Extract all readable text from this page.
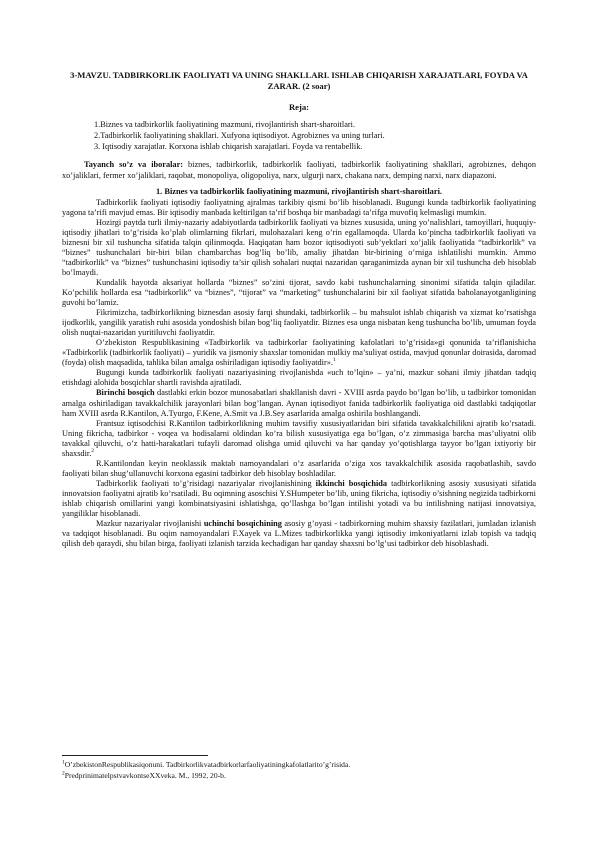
3-MAVZU. TADBIRKORLIK FAOLIYATI VA UNING SHAKLLARI. ISHLAB CHIQARISH XARAJATLARI, FOYDA VA ZARAR. (2 soar)
Reja:
1.Biznes va tadbirkorlik faoliyatining mazmuni, rivojlantirish shart-sharoitlari.
2.Tadbirkorlik faoliyatining shakllari. Xufyona iqtisodiyot. Agrobiznes va uning turlari.
3. Iqtisodiy xarajatlar. Korxona ishlab chiqarish xarajatlari. Foyda va rentabellik.
Tayanch so’z va iboralar: biznes, tadbirkorlik, tadbirkorlik faoliyati, tadbirkorlik faoliyatining shakllari, agrobiznes, dehqon xo’jaliklari, fermer xo’jaliklari, raqobat, monopoliya, oligopoliya, narx, ulgurji narx, chakana narx, demping narxi, narx diapazoni.
1. Biznes va tadbirkorlik faoliyatining mazmuni, rivojlantirish shart-sharoitlari.

Tadbirkorlik faoliyati iqtisodiy faoliyatning ajralmas tarkibiy qismi bo’lib hisoblanadi. Bugungi kunda tadbirkorlik faoliyatining yagona ta’rifi mavjud emas. Bir iqtisodiy manbada keltirilgan ta’rif boshqa bir manbadagi ta’rifga muvofiq kelmasligi mumkin.

Hozirgi paytda turli ilmiy-nazariy adabiyotlarda tadbirkorlik faoliyati va biznes xususida, uning yo’nalishlari, tamoyillari, huquqiy-iqtisodiy jihatlari to’g’risida ko’plab olimlarning fikrlari, mulohazalari keng o’rin egallamoqda. Ularda ko’pincha tadbirkorlik faoliyati va biznesni bir xil tushuncha sifatida talqin qilinmoqda. Haqiqatan ham bozor iqtisodiyoti sub’yektlari xo’jalik faoliyatida “tadbirkorlik” va “biznes” tushunchalari bir-biri bilan chambarchas bog’liq bo’lib, amaliy jihatdan bir-birining o’rniga ishlatilishi mumkin. Ammo “tadbirkorlik” va “biznes” tushunchasini iqtisodiy ta’sir qilish sohalari nuqtai nazaridan qaraganimizda aynan bir xil tushuncha deb hisoblab bo’lmaydi.

Kundalik hayotda aksariyat hollarda “biznes” so’zini tijorat, savdo kabi tushunchalarning sinonimi sifatida talqin qiladilar. Ko’pchilik hollarda esa “tadbirkorlik” va “biznes”, “tijorat” va “marketing” tushunchalarini bir xil faoliyat sifatida baholanayotganligining guvohi bo’lamiz.

Fikrimizcha, tadbirkorlikning biznesdan asosiy farqi shundaki, tadbirkorlik – bu mahsulot ishlab chiqarish va xizmat ko’rsatishga ijodkorlik, yangilik yaratish ruhi asosida yondoshish bilan bog’liq faoliyatdir. Biznes esa unga nisbatan keng tushuncha bo’lib, umuman foyda olish nuqtai-nazaridan yuritiluvchi faoliyatdir.

O’zbekiston Respublikasining «Tadbirkorlik va tadbirkorlar faoliyatining kafolatlari to’g’risida»gi qonunida ta’riflanishicha «Tadbirkorlik (tadbirkorlik faoliyati) – yuridik va jismoniy shaxslar tomonidan mulkiy ma’suliyat ostida, mavjud qonunlar doirasida, daromad (foyda) olish maqsadida, tahlika bilan amalga oshiriladigan iqtisodiy faoliyatdir».$^1$

Bugungi kunda tadbirkorlik faoliyati nazariyasining rivojlanishda «uch to’lqin» – ya’ni, mazkur sohani ilmiy jihatdan tadqiq etishdagi alohida bosqichlar shartli ravishda ajratiladi.

Birinchi bosqich dastlabki erkin bozor munosabatlari shakllanish davri - XVIII asrda paydo bo’lgan bo’lib, u tadbirkor tomonidan amalga oshiriladigan tavakkalchilik jarayonlari bilan bog’langan. Aynan iqtisodiyot fanida tadbirkorlik faoliyatiga oid dastlabki tadqiqotlar ham XVIII asrda R.Kantilon, A.Tyurgo, F.Kene, A.Smit va J.B.Sey asarlarida amalga oshirila boshlangandi.

Frantsuz iqtisodchisi R.Kantilon tadbirkorlikning muhim tavsifiy xususiyatlaridan biri sifatida tavakkalchilikni ajratib ko’rsatadi. Uning fikricha, tadbirkor - voqea va hodisalarni oldindan ko’ra bilish xususiyatiga ega bo’lgan, o’z zimmasiga barcha mas’uliyatni olib tavakkal qiluvchi, o’z hatti-harakatlari tufayli daromad olishga umid qiluvchi va har qanday yo’qotishlarga tayyor bo’lgan ixtiyoriy bir shaxsdir.$^2$

R.Kantilondan keyin neoklassik maktab namoyandalari o’z asarlarida o’ziga xos tavakkalchilik asosida raqobatlashib, savdo faoliyati bilan shug’ullanuvchi korxona egasini tadbirkor deb hisoblay boshladilar.

Tadbirkorlik faoliyati to’g’risidagi nazariyalar rivojlanishining ikkinchi bosqichida tadbirkorlikning asosiy xususiyati sifatida innovatsion faoliyatni ajratib ko’rsatiladi. Bu oqimning asoschisi Y.SHumpeter bo’lib, uning fikricha, iqtisodiy o’sishning negizida tadbirkorni ishlab chiqarish omillarini yangi kombinatsiyasini ishlatishga, qo’llashga bo’lgan intilishi yotadi va bu intilishning natijasi innovatsiya, yangiliklar hisoblanadi.

Mazkur nazariyalar rivojlanishi uchinchi bosqichining asosiy g’oyasi - tadbirkorning muhim shaxsiy fazilatlari, jumladan izlanish va tadqiqot hisoblanadi. Bu oqim namoyandalari F.Xayek va L.Mizes tadbirkorlikka yangi iqtisodiy imkoniyatlarni izlab topish va tadqiq qilish deb qaraydi, shu bilan birga, faoliyati izlanish tarzida kechadigan har qanday shaxsni bo’lg’usi tadbirkor deb hisoblashadi.

$^1$O’zbekistonRespublikasiqonuni. Tadbirkorlikvatadbirkorlarfaoliyatiningkafolatlarito’g’risida.
$^2$PredprinimatelpstvavkontseXXveka. M., 1992, 20-b.
